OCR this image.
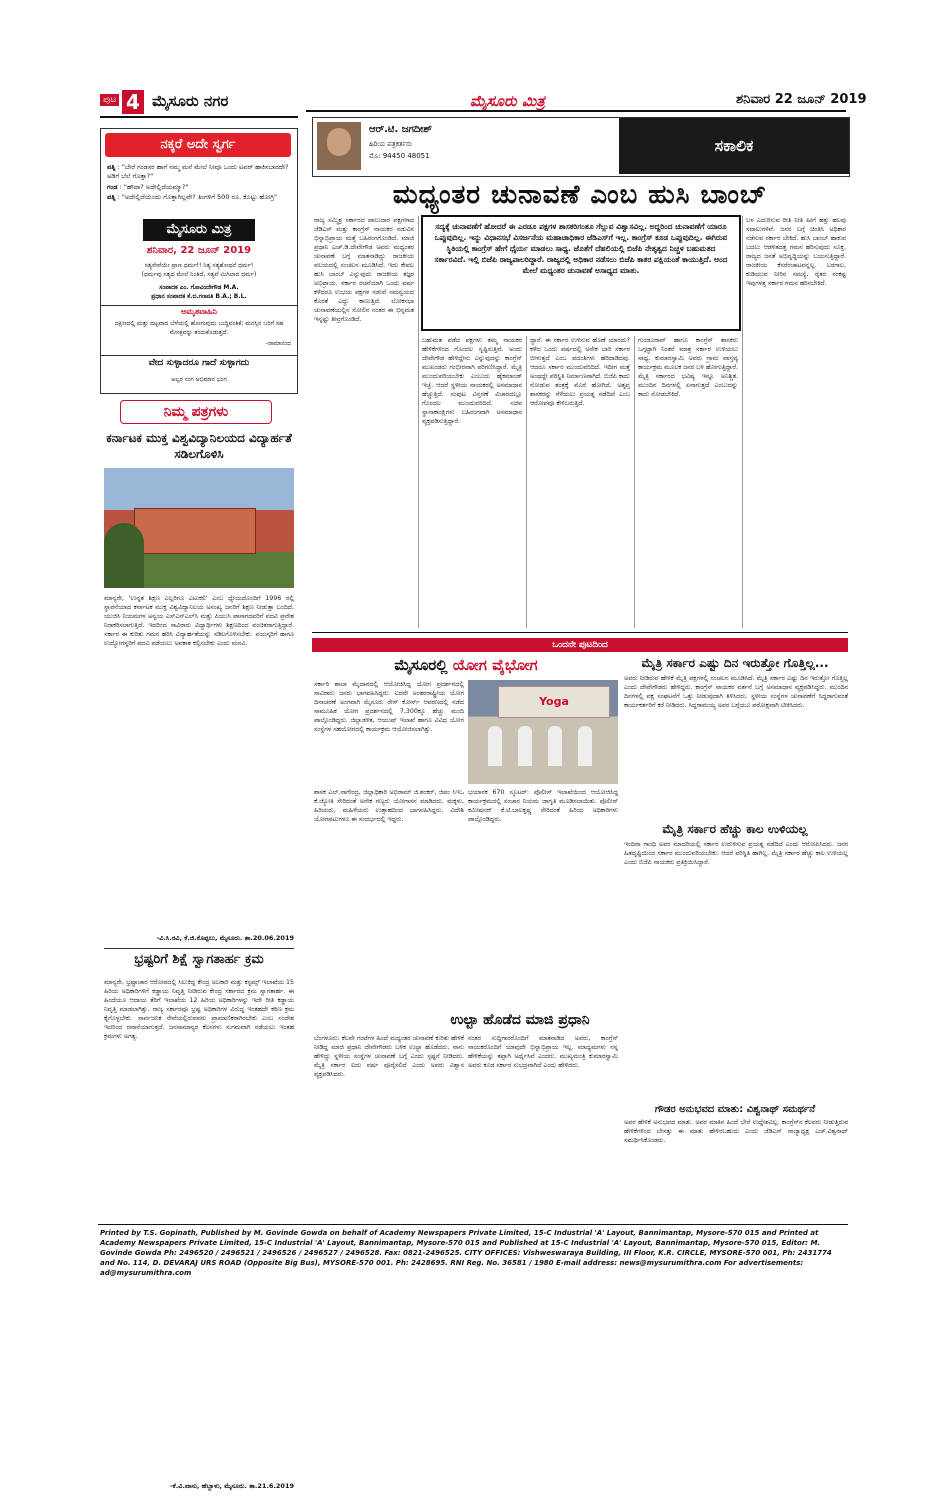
ಪುಟ 4 ಮೈಸೂರು ನಗರ	ಮೈಸೂರು ಮಿತ್ರ	ಶನಿವಾರ 22 ಜೂನ್ 2019
ನಕ್ಕರೆ ಅದೇ ಸ್ವರ್ಗ
ಪತ್ನಿ : "ಬೇರೆ ಗಂಡಸರ ಹಾಗೆ ನಮ್ಮ ಮನೆ ಮೇಲೆ ನೀವೂ ಒಂದು ಟವರ್ ಹಾಕಿಸಬಾರದೇ? ಅಡಿಗೆ ಬೆಲೆ ಗೊತ್ತಾ?"
ಗಂಡ : "ಹೌದಾ? ಅದೇಲ್ಲಿದೆಯಮ್ಮಾ?"
ಪತ್ನಿ : "ಅದೇಲ್ಲಿದೆಯೆಂದು ಗೊತ್ತಾಗಿಲ್ಲವೇ? ತಿಂಗಳಿಗೆ 500 ರೂ. ಕೊಟ್ಟು ಹೋಗ್ರಿ"
ಮೈಸೂರು ಮಿತ್ರ
ಶನಿವಾರ, 22 ಜೂನ್ 2019
ಸತ್ಯಸೇವೆಯೇ ಪ್ರಾಣ ಧರ್ಮ!! ನಿತ್ಯ ಸತ್ಯಶೋಧನೆ ಧರ್ಮ!
(ಧರ್ಮವು ಸತ್ಯದ ಮೇಲೆ ನಿಂತಿದೆ, ಸತ್ಯವೆ ಮಿಗಿಲಾದ ಧರ್ಮ)
ಸಂಪಾದಕ ಎಂ. ಗೋವಿಂದೇಗೌಡ M.A.
ಪ್ರಧಾನ ಸಂಪಾದಕ ಕೆ.ಬಿ.ಗಣಪತಿ B.A.; B.L.
ಅಮೃತವಾಹಿನಿ
ದಕ್ಷಿಣದಲ್ಲಿ ಮತ್ತು ದಟ್ಟವಾದ ಬೆಳೆಯಲ್ಲಿ ಹೋಗುವುದು ಬುದ್ಧಿವಂತಿಕೆ; ಮನಸ್ಸಿನ ಬರಿಗೆ ಸಹ ಮೋಕ್ಷವನ್ನು ತಂದುಕೊಡುತ್ತದೆ.
-ನಾಮಾನಂದ
ವೇದ ಸುಳ್ಳಾದರೂ ಗಾದೆ ಸುಳ್ಳಾಗದು
ಅಲ್ಪರ ಸಂಗ ಅಭಿಮಾನ ಭಂಗ
ನಿಮ್ಮ ಪತ್ರಗಳು
ಕರ್ನಾಟಕ ಮುಕ್ತ ವಿಶ್ವವಿದ್ಯಾನಿಲಯದ ವಿದ್ಯಾರ್ಹತೆ ಸಡಿಲಗೊಳಿಸಿ
ಮಾನ್ಯರೇ, 'ಉನ್ನತ ಶಿಕ್ಷಣ ಎಲ್ಲರಿಗೂ ಎಟುಕಲಿ' ಎಂಬ ಧ್ಯೇಯದೊಂದಿಗೆ 1996 ರಲ್ಲಿ ಸ್ಥಾಪನೆಯಾದ ಕರ್ನಾಟಕ ಮುಕ್ತ ವಿಶ್ವವಿದ್ಯಾನಿಲಯ ಅಸಂಖ್ಯ ಜನರಿಗೆ ಶಿಕ್ಷಣ ನೀಡುತ್ತಾ ಬಂದಿದೆ. ಯುಜಿಸಿ ನಿಯಮಗಳ ಅನ್ವಯ ಎಸ್ಎಸ್ಎಲ್‌ಸಿ ಮತ್ತು ಪಿಯುಸಿ ಪಾಸಾಗದವರಿಗೆ ಪದವಿ ಪ್ರವೇಶ ನಿರಾಕರಿಸಲಾಗುತ್ತಿದೆ. ಇದರಿಂದ ಸಾವಿರಾರು ವಿದ್ಯಾರ್ಥಿಗಳು ಶಿಕ್ಷಣದಿಂದ ವಂಚಿತರಾಗುತ್ತಿದ್ದಾರೆ. ಸರ್ಕಾರ ಈ ಕುರಿತು ಗಮನ ಹರಿಸಿ ವಿದ್ಯಾರ್ಹತೆಯನ್ನು ಸಡಿಲಗೊಳಿಸಬೇಕು. ವಯಸ್ಕರಿಗೆ ಹಾಗೂ ಉದ್ಯೋಗಸ್ಥರಿಗೆ ಪದವಿ ಪಡೆಯಲು ಅವಕಾಶ ಕಲ್ಪಿಸಬೇಕು ಎಂದು ಮನವಿ.
-ವಿ.ಸಿ.ರವಿ, ಕೆ.ಜಿ.ಕೊಪ್ಪಲು, ಮೈಸೂರು. ತಾ.20.06.2019
ಭ್ರಷ್ಟರಿಗೆ ಶಿಕ್ಷೆ ಸ್ವಾಗತಾರ್ಹ ಕ್ರಮ
ಮಾನ್ಯರೇ, ಭ್ರಷ್ಟಾಚಾರ ಆರೋಪದಲ್ಲಿ ಸಿಲುಕಿದ್ದ ಕೇಂದ್ರ ಅಬಕಾರಿ ಮತ್ತು ಕಸ್ಟಮ್ಸ್ ಇಲಾಖೆಯ 15 ಹಿರಿಯ ಅಧಿಕಾರಿಗಳಿಗೆ ಕಡ್ಡಾಯ ನಿವೃತ್ತಿ ನೀಡಿರುವ ಕೇಂದ್ರ ಸರ್ಕಾರದ ಕ್ರಮ ಸ್ವಾಗತಾರ್ಹ. ಈ ಹಿಂದೆಯೂ ಆದಾಯ ತೆರಿಗೆ ಇಲಾಖೆಯ 12 ಹಿರಿಯ ಅಧಿಕಾರಿಗಳನ್ನು ಇದೇ ರೀತಿ ಕಡ್ಡಾಯ ನಿವೃತ್ತಿ ಮಾಡಲಾಗಿತ್ತು. ರಾಜ್ಯ ಸರ್ಕಾರವೂ ಭ್ರಷ್ಟ ಅಧಿಕಾರಿಗಳ ವಿರುದ್ಧ ಇಂತಹದೇ ಕಠಿಣ ಕ್ರಮ ಕೈಗೊಳ್ಳಬೇಕು. ಸಾರ್ವಜನಿಕ ಸೇವೆಯಲ್ಲಿರುವವರು ಪ್ರಾಮಾಣಿಕರಾಗಿರಬೇಕು ಎಂಬ ಸಂದೇಶ ಇದರಿಂದ ರವಾನೆಯಾಗುತ್ತದೆ. ಜನಸಾಮಾನ್ಯರ ಕೆಲಸಗಳು ಸುಗಮವಾಗಿ ನಡೆಯಲು ಇಂತಹ ಕ್ರಮಗಳು ಅಗತ್ಯ.
-ಕೆ.ವಿ.ವಾಸು, ಹೆಬ್ಬಾಳು, ಮೈಸೂರು. ತಾ.21.6.2019
ಆರ್.ಟಿ. ಜಗದೀಶ್
ಹಿರಿಯ ಪತ್ರಕರ್ತರು
ಮೊ: 94450 48051
ಸಕಾಲಿಕ
ಮಧ್ಯಂತರ ಚುನಾವಣೆ ಎಂಬ ಹುಸಿ ಬಾಂಬ್
ಸದ್ಯಕ್ಕೆ ಚುನಾವಣೆಗೆ ಹೋದರೆ ಈ ಎರಡೂ ಪಕ್ಷಗಳ ಶಾಸಕರಿಗಂತೂ ಗೆಲ್ಲುವ ವಿಶ್ವಾಸವಿಲ್ಲ. ಅದ್ದರಿಂದ ಚುನಾವಣೆಗೆ ಯಾರೂ ಒಪ್ಪುವುದಿಲ್ಲ. ಇನ್ನು ವಿಧಾನಸಭೆ ವಿಸರ್ಜನೆಯ ಮಹಾಚಾಧಿಕಾರ ಜೆಡಿಎಸ್‌ಗೆ ಇಲ್ಲ. ಕಾಂಗ್ರೆಸ್ ಕೂಡ ಒಪ್ಪುವುದಿಲ್ಲ. ಈಗಿರುವ ಸ್ಥಿತಿಯಲ್ಲಿ ಕಾಂಗ್ರೆಸ್ ಹೇಗೆ ಧೈರ್ಯ ಮಾಡಲು ಸಾಧ್ಯ. ಜೊತೆಗೆ ದೆಹಲಿಯಲ್ಲಿ ಬಿಜೆಪಿ ನೇತೃತ್ವದ ನಿಚ್ಚಳ ಬಹುಮತದ ಸರ್ಕಾರವಿದೆ. ಇಲ್ಲಿ ಬಿಜೆಪಿ ರಾಜ್ಯಪಾಲರಿದ್ದಾರೆ. ರಾಜ್ಯದಲ್ಲಿ ಅಧಿಕಾರ ನಡೆಸಲು ಬಿಜೆಪಿ ಕಾತರ ಪಕ್ಷಿಯಂತೆ ಕಾಯುತ್ತಿದೆ. ಅಂದ ಮೇಲೆ ಮಧ್ಯಂತರ ಚುನಾವಣೆ ಅಸಾಧ್ಯದ ಮಾತು.
ರಾಜ್ಯ ಸಮ್ಮಿಶ್ರ ಸರ್ಕಾರದ ಪಾಲುದಾರ ಪಕ್ಷಗಳಾದ ಜೆಡಿಎಸ್ ಮತ್ತು ಕಾಂಗ್ರೆಸ್ ನಾಯಕರ ನಡುವಿನ ಭಿನ್ನಾಭಿಪ್ರಾಯ ಮತ್ತೆ ಬಹಿರಂಗಗೊಂಡಿದೆ. ಮಾಜಿ ಪ್ರಧಾನಿ ಎಚ್.ಡಿ.ದೇವೇಗೌಡ ಅವರು ಮಧ್ಯಂತರ ಚುನಾವಣೆ ಬಗ್ಗೆ ಮಾತನಾಡಿದ್ದು ರಾಜಕೀಯ ವಲಯದಲ್ಲಿ ಸಂಚಲನ ಮೂಡಿಸಿದೆ. ಇದು ಕೇವಲ ಹುಸಿ ಬಾಂಬ್ ಎನ್ನುವುದು ರಾಜಕೀಯ ತಜ್ಞರ ಅಭಿಪ್ರಾಯ. ಸರ್ಕಾರ ರಚನೆಯಾಗಿ ಒಂದು ವರ್ಷ ಕಳೆದರೂ ಉಭಯ ಪಕ್ಷಗಳ ನಡುವೆ ಸಮನ್ವಯದ ಕೊರತೆ ಎದ್ದು ಕಾಣುತ್ತಿದೆ. ಲೋಕಸಭಾ ಚುನಾವಣೆಯಲ್ಲಿನ ಸೋಲಿನ ನಂತರ ಈ ಭಿನ್ನಮತ ಇನ್ನಷ್ಟು ತೀವ್ರಗೊಂಡಿದೆ.
ಬಹುಮತ ಪಡೆದ ಪಕ್ಷಗಳು ತಮ್ಮ ನಾಯಕರ ಹೇಳಿಕೆಗಳಿಂದ ಗೊಂದಲ ಸೃಷ್ಟಿಸುತ್ತಿವೆ. ಅಂದು ದೇವೇಗೌಡ ಹೇಳಿದ್ದೇನು ಎನ್ನುವುದನ್ನು ಕಾಂಗ್ರೆಸ್ ಮುಖಂಡರು ಗಂಭೀರವಾಗಿ ಪರಿಗಣಿಸಿದ್ದಾರೆ. ಮೈತ್ರಿ ಮುಂದುವರಿಯಬೇಕು ಎಂಬುದು ಹೈಕಮಾಂಡ್ ಇಚ್ಛೆ. ಆದರೆ ಸ್ಥಳೀಯ ನಾಯಕರಲ್ಲಿ ಅಸಮಾಧಾನ ಹೆಚ್ಚುತ್ತಿದೆ. ಸಂಪುಟ ವಿಸ್ತರಣೆ ವಿಚಾರದಲ್ಲೂ ಗೊಂದಲ ಮುಂದುವರಿದಿದೆ. ಸಚಿವ ಸ್ಥಾನಾಕಾಂಕ್ಷಿಗಳು ಬಹಿರಂಗವಾಗಿ ಅಸಮಾಧಾನ ವ್ಯಕ್ತಪಡಿಸುತ್ತಿದ್ದಾರೆ.
ದ್ದಾರೆ. ಈ ಸರ್ಕಾರ ಉಳಿಸುವ ಹೊಣೆ ಯಾರದು? ಕಳೆದ ಒಂದು ವರ್ಷದಲ್ಲಿ ಅನೇಕ ಬಾರಿ ಸರ್ಕಾರ ಬೀಳುತ್ತದೆ ಎಂಬ ವದಂತಿಗಳು ಹರಿದಾಡಿದವು. ಆದರೂ ಸರ್ಕಾರ ಮುಂದುವರಿದಿದೆ. ಇದೀಗ ಮತ್ತೆ ಅಂಥದ್ದೇ ಪರಿಸ್ಥಿತಿ ನಿರ್ಮಾಣವಾಗಿದೆ. ಬಿಜೆಪಿ ಕಾದು ನೋಡುವ ತಂತ್ರಕ್ಕೆ ಮೊರೆ ಹೋಗಿದೆ. ಅತೃಪ್ತ ಶಾಸಕರನ್ನು ಸೆಳೆಯಲು ಪ್ರಯತ್ನ ನಡೆದಿದೆ ಎಂಬ ಆರೋಪವೂ ಕೇಳಿಬರುತ್ತಿದೆ.
ಗುಂಡೂರಾವ್ ಹಾಗೂ ಕಾಂಗ್ರೆಸ್ ಶಾಸಕರು ಒಗ್ಗಟ್ಟಾಗಿ ನಿಂತರೆ ಮಾತ್ರ ಸರ್ಕಾರ ಉಳಿಯಲು ಸಾಧ್ಯ. ಕುಮಾರಸ್ವಾಮಿ ಅವರು ಗ್ರಾಮ ವಾಸ್ತವ್ಯ ಕಾರ್ಯಕ್ರಮ ಮೂಲಕ ಜನರ ಬಳಿ ಹೋಗುತ್ತಿದ್ದಾರೆ. ಮೈತ್ರಿ ಸರ್ಕಾರದ ಭವಿಷ್ಯ ಇನ್ನೂ ಅನಿಶ್ಚಿತ. ಮುಂದಿನ ದಿನಗಳಲ್ಲಿ ಏನಾಗುತ್ತದೆ ಎಂಬುದನ್ನು ಕಾದು ನೋಡಬೇಕಿದೆ.
ಬಳ ಎದುರಿಸುವ ರೀತಿ ನೀತಿ ಹೀಗೆ ಹತ್ತು ಹಲವು ಸವಾಲುಗಳಿವೆ. ಜನರ ಬಗ್ಗೆ ಚಿಂತಿಸಿ ಅಧಿಕಾರ ನಡೆಸುವ ಸರ್ಕಾರ ಬೇಕಿದೆ. ಹುಸಿ ಬಾಂಬ್ ಹಾಕುವ ಬದಲು ಆಡಳಿತದತ್ತ ಗಮನ ಹರಿಸುವುದು ಸೂಕ್ತ. ರಾಜ್ಯದ ಜನತೆ ಅಭಿವೃದ್ಧಿಯನ್ನು ಬಯಸುತ್ತಿದ್ದಾರೆ. ರಾಜಕೀಯ ಕೆಸರೆರಚಾಟವನ್ನಲ್ಲ. ಬರಗಾಲ, ಕುಡಿಯುವ ನೀರಿನ ಸಮಸ್ಯೆ, ರೈತರ ಸಂಕಷ್ಟ ಇವುಗಳತ್ತ ಸರ್ಕಾರ ಗಮನ ಹರಿಸಬೇಕಿದೆ.
ಒಂದನೇ ಪುಟದಿಂದ
ಮೈಸೂರಲ್ಲಿ ಯೋಗ ವೈಭೋಗ
ಸರ್ಕಾರಿ ಶಾಲಾ ಮೈದಾನದಲ್ಲಿ ಆಯೋಜಿಸಿದ್ದ ಯೋಗ ಪ್ರದರ್ಶನದಲ್ಲಿ ಸಾವಿರಾರು ಜನರು ಭಾಗವಹಿಸಿದ್ದರು. ಐದನೇ ಅಂತರರಾಷ್ಟ್ರೀಯ ಯೋಗ ದಿನಾಚರಣೆ ಅಂಗವಾಗಿ ಮೈಸೂರು ರೇಸ್ ಕೋರ್ಸ್ ಆವರಣದಲ್ಲಿ ನಡೆದ ಸಾಮೂಹಿಕ ಯೋಗ ಪ್ರದರ್ಶನದಲ್ಲಿ 7,300ಕ್ಕೂ ಹೆಚ್ಚು ಮಂದಿ ಪಾಲ್ಗೊಂಡಿದ್ದರು. ಜಿಲ್ಲಾಡಳಿತ, ಆಯುಷ್ ಇಲಾಖೆ ಹಾಗೂ ವಿವಿಧ ಯೋಗ ಸಂಸ್ಥೆಗಳ ಸಹಯೋಗದಲ್ಲಿ ಕಾರ್ಯಕ್ರಮ ಆಯೋಜಿಸಲಾಗಿತ್ತು.
Yoga
ಶಾಸಕ ಎಲ್.ನಾಗೇಂದ್ರ, ಜಿಲ್ಲಾಧಿಕಾರಿ ಅಭಿರಾಮ್ ಜಿ.ಶಂಕರ್, ಜಿಪಂ ಸಿಇಒ ಕೆ.ಜ್ಯೋತಿ ಸೇರಿದಂತೆ ಅನೇಕ ಗಣ್ಯರು ಯೋಗಾಸನ ಮಾಡಿದರು. ಮಕ್ಕಳು, ಹಿರಿಯರು, ಮಹಿಳೆಯರು ಉತ್ಸಾಹದಿಂದ ಭಾಗವಹಿಸಿದ್ದರು. ವಿದೇಶಿ ಯೋಗಪಟುಗಳೂ ಈ ಸಂದರ್ಭದಲ್ಲಿ ಇದ್ದರು.
ಭಯಾನಕ 670 ಸ್ಕೂಟರ್: ಪೊಲೀಸ್ ಇಲಾಖೆಯಿಂದ ಆಯೋಜಿಸಿದ್ದ ಕಾರ್ಯಕ್ರಮದಲ್ಲಿ ಸಂಚಾರ ನಿಯಮ ಜಾಗೃತಿ ಮೂಡಿಸಲಾಯಿತು. ಪೊಲೀಸ್ ಕಮೀಷನರ್ ಕೆ.ಟಿ.ಬಾಲಕೃಷ್ಣ ಸೇರಿದಂತೆ ಹಿರಿಯ ಅಧಿಕಾರಿಗಳು ಪಾಲ್ಗೊಂಡಿದ್ದರು.
ಉಲ್ಟಾ ಹೊಡೆದ ಮಾಜಿ ಪ್ರಧಾನಿ
ಬೆಂಗಳೂರು: ಕೆಲವೇ ಗಂಟೆಗಳ ಹಿಂದೆ ಮಧ್ಯಂತರ ಚುನಾವಣೆ ಕುರಿತು ಹೇಳಿಕೆ ನೀಡಿದ್ದ ಮಾಜಿ ಪ್ರಧಾನಿ ದೇವೇಗೌಡರು ಬಳಿಕ ಉಲ್ಟಾ ಹೊಡೆದರು. ನಾನು ಹೇಳಿದ್ದು ಸ್ಥಳೀಯ ಸಂಸ್ಥೆಗಳ ಚುನಾವಣೆ ಬಗ್ಗೆ ಎಂದು ಸ್ಪಷ್ಟನೆ ನೀಡಿದರು. ಮೈತ್ರಿ ಸರ್ಕಾರ ಐದು ವರ್ಷ ಪೂರೈಸಲಿದೆ ಎಂದು ಅವರು ವಿಶ್ವಾಸ ವ್ಯಕ್ತಪಡಿಸಿದರು.
ನಂತರ ಸುದ್ದಿಗಾರರೊಂದಿಗೆ ಮಾತನಾಡಿದ ಅವರು, ಕಾಂಗ್ರೆಸ್ ನಾಯಕರೊಂದಿಗೆ ಯಾವುದೇ ಭಿನ್ನಾಭಿಪ್ರಾಯ ಇಲ್ಲ. ಮಾಧ್ಯಮಗಳು ನನ್ನ ಹೇಳಿಕೆಯನ್ನು ತಪ್ಪಾಗಿ ಅರ್ಥೈಸಿವೆ ಎಂದರು. ಮುಖ್ಯಮಂತ್ರಿ ಕುಮಾರಸ್ವಾಮಿ ಅವರು ಕೂಡ ಸರ್ಕಾರ ಸುಭದ್ರವಾಗಿದೆ ಎಂದು ಹೇಳಿದರು.
ಮೈತ್ರಿ ಸರ್ಕಾರ ಎಷ್ಟು ದಿನ ಇರುತ್ತೋ ಗೊತ್ತಿಲ್ಲ...
ಅವರು ನೀಡಿರುವ ಹೇಳಿಕೆ ಮೈತ್ರಿ ಪಕ್ಷಗಳಲ್ಲಿ ಸಂಚಲನ ಮೂಡಿಸಿದೆ. ಮೈತ್ರಿ ಸರ್ಕಾರ ಎಷ್ಟು ದಿನ ಇರುತ್ತೋ ಗೊತ್ತಿಲ್ಲ ಎಂದು ದೇವೇಗೌಡರು ಹೇಳಿದ್ದರು. ಕಾಂಗ್ರೆಸ್ ನಾಯಕರ ವರ್ತನೆ ಬಗ್ಗೆ ಅಸಮಾಧಾನ ವ್ಯಕ್ತಪಡಿಸಿದ್ದರು. ಮುಂದಿನ ದಿನಗಳಲ್ಲಿ ಪಕ್ಷ ಸಂಘಟನೆಗೆ ಒತ್ತು ನೀಡುವುದಾಗಿ ತಿಳಿಸಿದರು. ಸ್ಥಳೀಯ ಸಂಸ್ಥೆಗಳ ಚುನಾವಣೆಗೆ ಸಿದ್ಧರಾಗುವಂತೆ ಕಾರ್ಯಕರ್ತರಿಗೆ ಕರೆ ನೀಡಿದರು. ಸಿದ್ದರಾಮಯ್ಯ ಅವರ ಬಗ್ಗೆಯೂ ಪರೋಕ್ಷವಾಗಿ ಟೀಕಿಸಿದರು.
ಮೈತ್ರಿ ಸರ್ಕಾರ ಹೆಚ್ಚು ಕಾಲ ಉಳಿಯಲ್ಲ
ಇಂದಿರಾ ಗಾಂಧಿ ಅವರ ಮಾದರಿಯಲ್ಲಿ ಸರ್ಕಾರ ಉರುಳಿಸುವ ಪ್ರಯತ್ನ ನಡೆದಿದೆ ಎಂದು ಆರೋಪಿಸಿದರು. ಜನರ ಹಿತದೃಷ್ಟಿಯಿಂದ ಸರ್ಕಾರ ಮುಂದುವರಿಯಬೇಕು. ಆದರೆ ಪರಿಸ್ಥಿತಿ ಹಾಗಿಲ್ಲ. ಮೈತ್ರಿ ಸರ್ಕಾರ ಹೆಚ್ಚು ಕಾಲ ಉಳಿಯಲ್ಲ ಎಂದು ಬಿಜೆಪಿ ನಾಯಕರು ಪ್ರತಿಕ್ರಿಯಿಸಿದ್ದಾರೆ.
ಗೌಡರ ಅನುಭವದ ಮಾತು: ವಿಶ್ವನಾಥ್ ಸಮರ್ಥನೆ
ಅವರ ಹೇಳಿಕೆ ಅನುಭವದ ಮಾತು. ಅವರ ಮಾತಿನ ಹಿಂದೆ ಬೇರೆ ಉದ್ದೇಶವಿಲ್ಲ. ಕಾಂಗ್ರೆಸ್‌ನ ಕೆಲವರು ನೀಡುತ್ತಿರುವ ಹೇಳಿಕೆಗಳಿಂದ ಬೇಸತ್ತು ಈ ಮಾತು ಹೇಳಿರಬಹುದು ಎಂದು ಜೆಡಿಎಸ್ ರಾಜ್ಯಾಧ್ಯಕ್ಷ ಎಚ್.ವಿಶ್ವನಾಥ್ ಸಮರ್ಥಿಸಿಕೊಂಡರು.
Printed by T.S. Gopinath, Published by M. Govinde Gowda on behalf of Academy Newspapers Private Limited, 15-C Industrial 'A' Layout, Bannimantap, Mysore-570 015 and Printed at Academy Newspapers Private Limited, 15-C Industrial 'A' Layout, Bannimantap, Mysore-570 015 and Published at 15-C Industrial 'A' Layout, Bannimantap, Mysore-570 015, Editor: M. Govinde Gowda Ph: 2496520 / 2496521 / 2496526 / 2496527 / 2496528. Fax: 0821-2496525. CITY OFFICES: Vishweswaraya Building, III Floor, K.R. CIRCLE, MYSORE-570 001, Ph: 2431774 and No. 114, D. DEVARAJ URS ROAD (Opposite Big Bus), MYSORE-570 001. Ph: 2428695. RNI Reg. No. 36581 / 1980 E-mail address: news@mysurumithra.com For advertisements: ad@mysurumithra.com
